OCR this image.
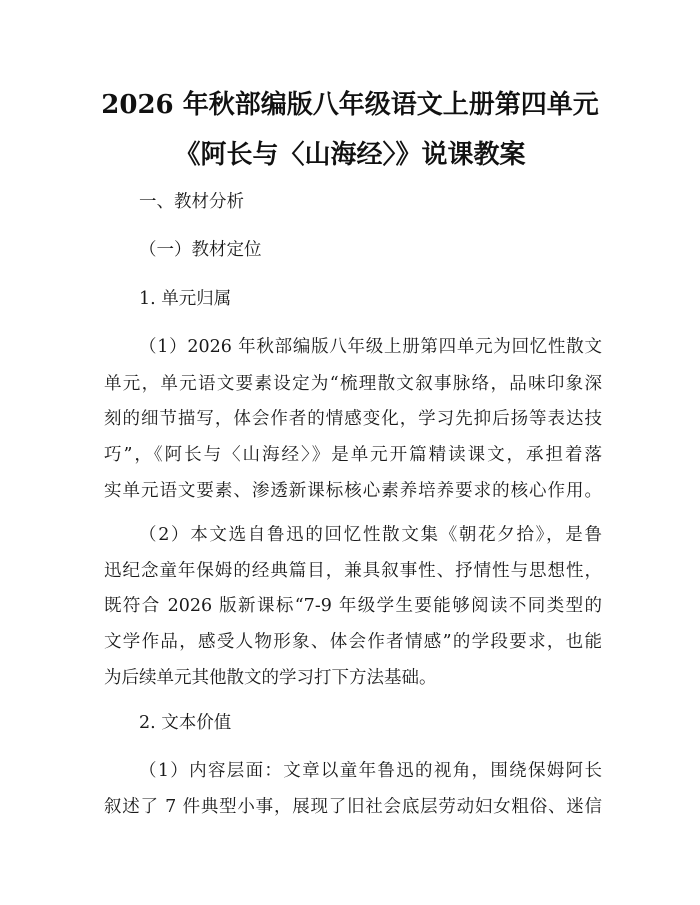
2026 年秋部编版八年级语文上册第四单元
《阿长与〈山海经〉》说课教案
一、教材分析
（一）教材定位
1. 单元归属
（1）2026 年秋部编版八年级上册第四单元为回忆性散文
单元，单元语文要素设定为“梳理散文叙事脉络，品味印象深
刻的细节描写，体会作者的情感变化，学习先抑后扬等表达技
巧”，《阿长与〈山海经〉》是单元开篇精读课文，承担着落
实单元语文要素、渗透新课标核心素养培养要求的核心作用。
（2）本文选自鲁迅的回忆性散文集《朝花夕拾》，是鲁
迅纪念童年保姆的经典篇目，兼具叙事性、抒情性与思想性，
既符合 2026 版新课标“7-9 年级学生要能够阅读不同类型的
文学作品，感受人物形象、体会作者情感”的学段要求，也能
为后续单元其他散文的学习打下方法基础。
2. 文本价值
（1）内容层面：文章以童年鲁迅的视角，围绕保姆阿长
叙述了 7 件典型小事，展现了旧社会底层劳动妇女粗俗、迷信
